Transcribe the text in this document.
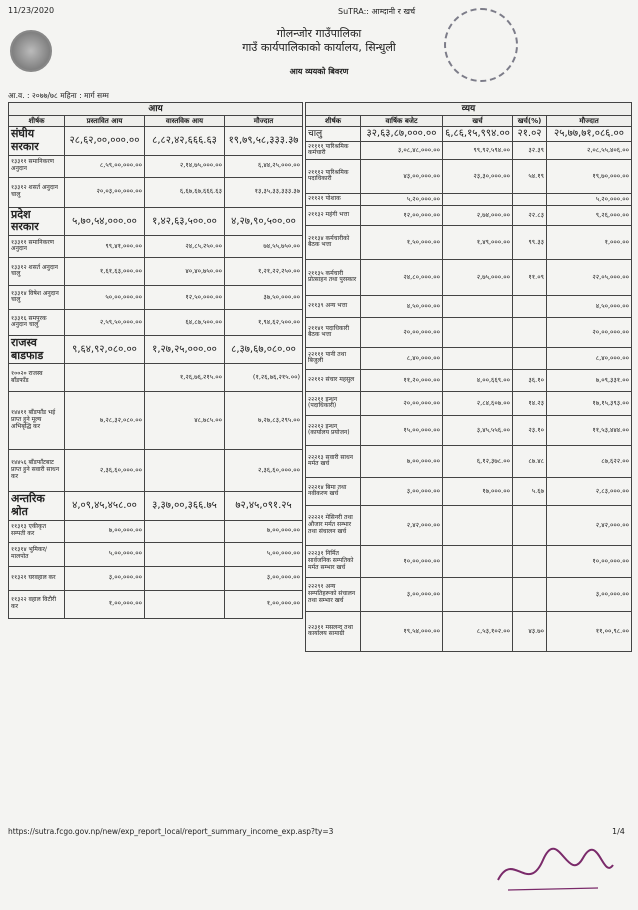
11/23/2020	SuTRA:: आम्दानी र खर्च
गोलन्जोर गाउँपालिका
गाउँ कार्यपालिकाको कार्यालय, सिन्धुली
आय व्ययको बिवरण
आ.व. : २०७७/७८ महिना : मार्ग सम्म
आय			
शीर्षक	प्रस्तावित आय	वास्तविक आय	मौज्दात
संघीय सरकार	२८,६२,००,०००.००	८,८२,४२,६६६.६३	१९,७९,५८,३३३.३७
१३३११ समानिकरण अनुदान	८,५९,००,०००.००	२,१४,७५,०००.००	६,४४,२५,०००.००
१३३१२ शसर्त अनुदान चालु	२०,०३,००,०००.००	६,६७,६७,६६६.६३	१३,३५,३३,३३३.३७
प्रदेश सरकार	५,७०,५४,०००.००	१,४२,६३,५००.००	४,२७,९०,५००.००
१३३११ समानिकरण अनुदान	९९,४१,०००.००	२४,८५,२५०.००	७४,५५,७५०.००
१३३१२ शसर्त अनुदान चालु	१,६१,६३,०००.००	४०,४०,७५०.००	१,२१,२२,२५०.००
१३३१४ विषेश अनुदान चालु	५०,००,०००.००	१२,५०,०००.००	३७,५०,०००.००
१३३१६ समपुरक अनुदान चालु	२,५९,५०,०००.००	६४,८७,५००.००	१,९४,६२,५००.००
राजस्व बाडफाड	९,६४,९२,०८०.००	१,२७,२५,०००.००	८,३७,६७,०८०.००
१००२० राजस्व बाँडफाँड		१,२६,७६,२१५.००	(१,२६,७६,२१५.००)
१४४११ बाँडफाँड भई प्राप्त हुने मूल्य अभिबृद्धि कर	७,२८,३२,०८०.००	४८,७८५.००	७,२७,८३,२९५.००
१४४५६ बाँडफाँटबाट प्राप्त हुने सवारी साधन कर	२,३६,६०,०००.००		२,३६,६०,०००.००
अन्तरिक श्रोत	४,०९,४५,४५८.००	३,३७,००,३६६.७५	७२,४५,०९१.२५
११३१३ एकीकृत सम्पती कर	७,००,०००.००		७,००,०००.००
११३१४ भुमिकर/ मालपोत	५,००,०००.००		५,००,०००.००
११३२१ घरवहाल कर	३,००,०००.००		३,००,०००.००
११३२२ वहाल विटौरी कर	१,००,०००.००		१,००,०००.००
व्यय				
शीर्षक	वार्षिक बजेट	खर्च	खर्च(%)	मौज्दात
चालु	३२,६३,८७,०००.००	६,८६,१५,९९४.००	२१.०२	२५,७७,७१,०८६.००
२११११ पारिश्रमिक कर्मचारी	३,०८,४८,०००.००	९९,९२,५९४.००	३२.३९	२,०८,५५,४०६.००
२१११२ पारिश्रमिक पदाधिकारी	४३,००,०००.००	२३,३०,०००.००	५४.१९	१९,७०,०००.००
२११२१ पोशाक	५,२०,०००.००			५,२०,०००.००
२११३२ महंगी भत्ता	१२,००,०००.००	२,७४,०००.००	२२.८३	९,२६,०००.००
२११३४ कर्मचारीको बैठक भत्ता	१,५०,०००.००	१,४९,०००.००	९९.३३	१,०००.००
२११३५ कर्मचारी प्रोत्साहन तथा पुरस्कार	२४,८०,०००.००	२,७५,०००.००	११.०९	२२,०५,०००.००
२११३९ अन्य भत्ता	४,५०,०००.००			४,५०,०००.००
२११४१ पदाधिकारी बैठक भत्ता	२०,००,०००.००			२०,००,०००.००
२२१११ पानी तथा बिजुली	८,४०,०००.००			८,४०,०००.००
२२११२ संचार महसुल	११,२०,०००.००	४,००,६६९.००	३६.१०	७,०९,३३१.००
२२२११ इन्धन (पदाधिकारी)	२०,००,०००.००	२,८४,६०७.००	१४.२३	१७,१५,३९३.००
२२२१२ इन्धन (कार्यालय प्रयोजन)	१५,००,०००.००	३,४५,५५६.००	२३.१०	११,५३,४४४.००
२२२१३ सवारी साधन मर्मत खर्च	७,००,०००.००	६,१२,३७८.००	८७.४८	८७,६२२.००
२२२१४ बिमा तथा नवीकरण खर्च	३,००,०००.००	१७,०००.००	५.६७	२,८३,०००.००
२२२२१ मेसिनरी तथा औजार मर्मत सम्भार तथा संचालन खर्च	२,४२,०००.००			२,४२,०००.००
२२२३१ निर्मित सार्वजनिक सम्पतिको मर्मत सम्भार खर्च	१०,००,०००.००			१०,००,०००.००
२२२९१ अन्य सम्पतिहरूको संचालन तथा सम्भार खर्च	३,००,०००.००			३,००,०००.००
२२३११ मसलन्द तथा कार्यालय सामाग्री	१९,५४,०००.००	८,५३,१०२.००	४३.७०	११,००,९८.००
https://sutra.fcgo.gov.np/new/exp_report_local/report_summary_income_exp.asp?ty=3	1/4
